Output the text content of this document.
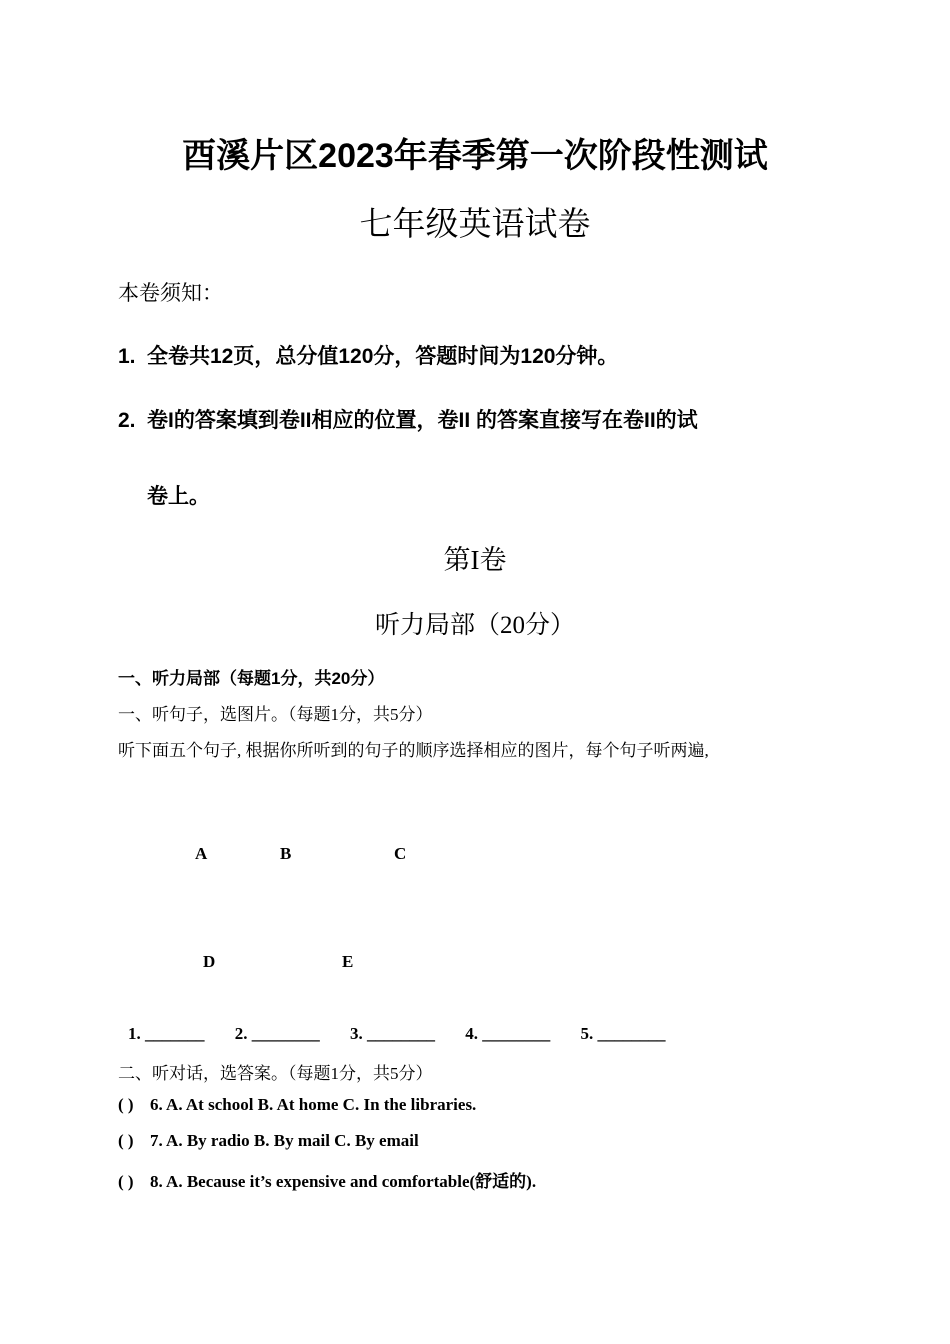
酉溪片区2023年春季第一次阶段性测试
七年级英语试卷
本卷须知：
1. 全卷共12页，总分值120分，答题时间为120分钟。
2. 卷I的答案填到卷II相应的位置，卷II 的答案直接写在卷II的试
卷上。
第I卷
听力局部（20分）
一、听力局部（每题1分，共20分）
一、听句子，选图片。（每题1分，共5分）
听下面五个句子, 根据你所听到的句子的顺序选择相应的图片，每个句子听两遍,
A	B	C
D	E
1. _______ 2. ________ 3. ________ 4. ________ 5. ________
二、听对话，选答案。（每题1分，共5分）
( ) 6. A. At school B. At home C. In the libraries.
( ) 7. A. By radio B. By mail C. By email
( ) 8. A. Because it’s expensive and comfortable(舒适的).
